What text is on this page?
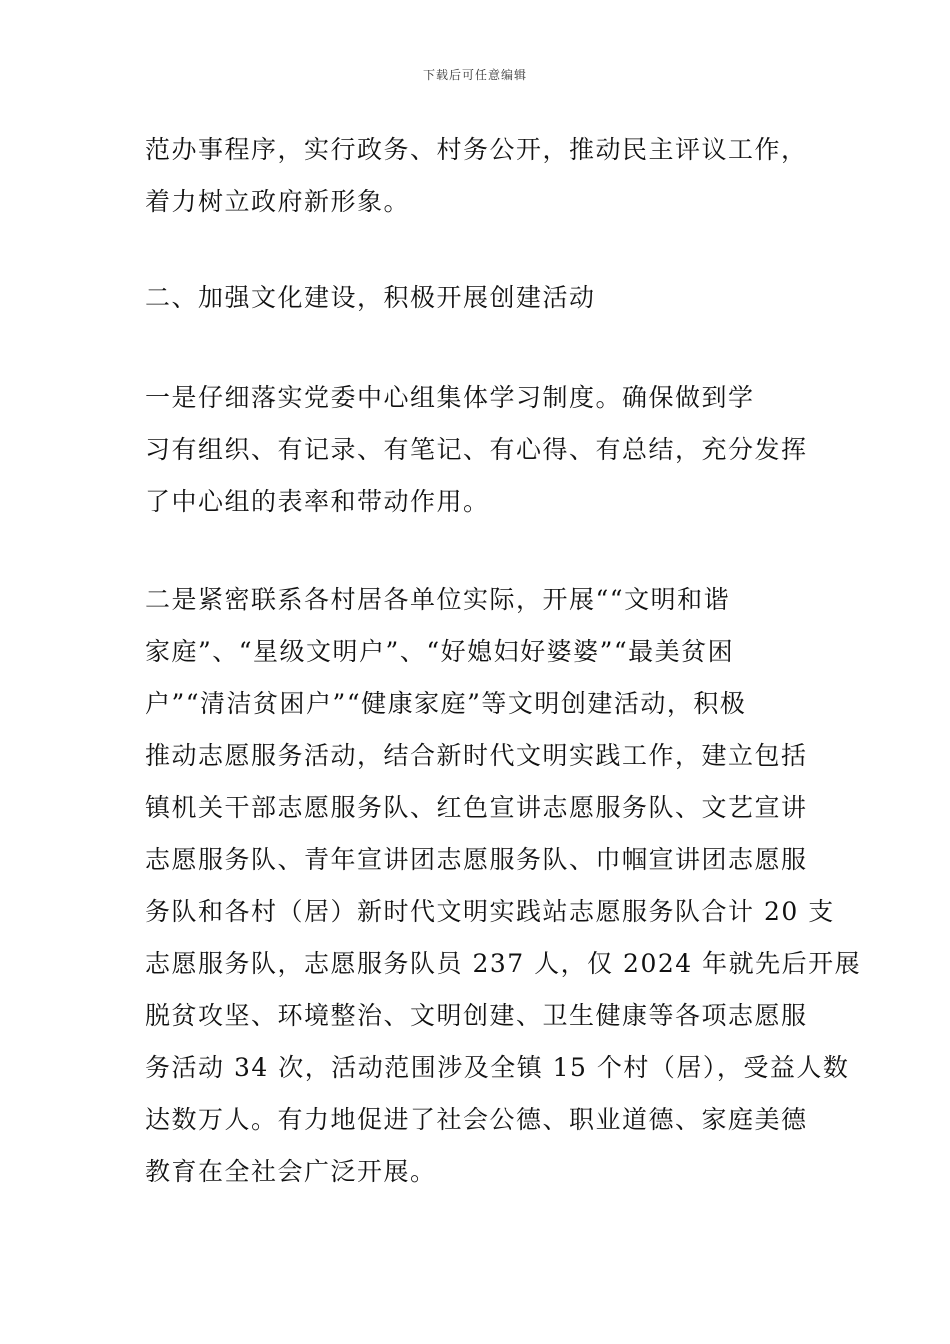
下载后可任意编辑
范办事程序，实行政务、村务公开，推动民主评议工作，
着力树立政府新形象。
二、加强文化建设，积极开展创建活动
一是仔细落实党委中心组集体学习制度。确保做到学
习有组织、有记录、有笔记、有心得、有总结，充分发挥
了中心组的表率和带动作用。
二是紧密联系各村居各单位实际，开展““文明和谐
家庭”、“星级文明户”、“好媳妇好婆婆”“最美贫困
户”“清洁贫困户”“健康家庭”等文明创建活动，积极
推动志愿服务活动，结合新时代文明实践工作，建立包括
镇机关干部志愿服务队、红色宣讲志愿服务队、文艺宣讲
志愿服务队、青年宣讲团志愿服务队、巾帼宣讲团志愿服
务队和各村（居）新时代文明实践站志愿服务队合计 20 支
志愿服务队，志愿服务队员 237 人，仅 2024 年就先后开展
脱贫攻坚、环境整治、文明创建、卫生健康等各项志愿服
务活动 34 次，活动范围涉及全镇 15 个村（居），受益人数
达数万人。有力地促进了社会公德、职业道德、家庭美德
教育在全社会广泛开展。
